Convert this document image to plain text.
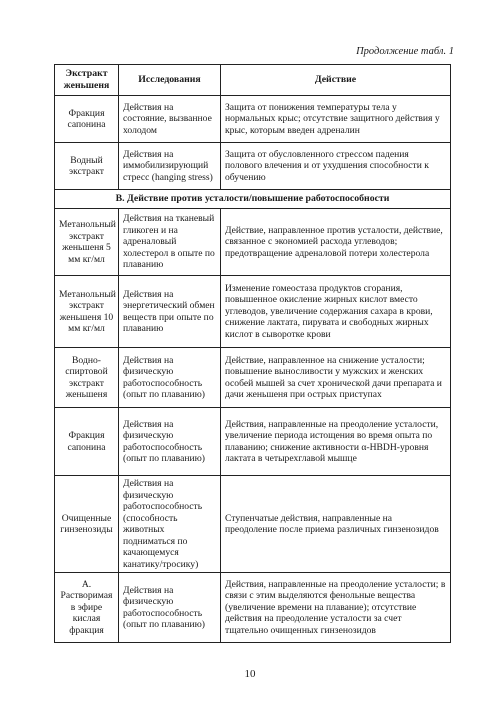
Продолжение табл. 1
Экстракт женьшеня	Исследования	Действие
Фракция сапонина	Действия на состояние, вызванное холодом	Защита от понижения температуры тела у нормальных крыс; отсутствие защитного действия у крыс, которым введен адреналин
Водный экстракт	Действия на иммобилизирующий стресс (hanging stress)	Защита от обусловленного стрессом падения полового влечения и от ухудшения способности к обучению
B. Действие против усталости/повышение работоспособности		
Метанольный экстракт женьшеня 5 мм кг/мл	Действия на тканевый гликоген и на адреналовый холестерол в опыте по плаванию	Действие, направленное против усталости, действие, связанное с экономией расхода углеводов; предотвращение адреналовой потери холестерола
Метанольный экстракт женьшеня 10 мм кг/мл	Действия на энергетический обмен веществ при опыте по плаванию	Изменение гомеостаза продуктов сгорания, повышенное окисление жирных кислот вместо углеводов, увеличение содержания сахара в крови, снижение лактата, пирувата и свободных жирных кислот в сыворотке крови
Водно-спиртовой экстракт женьшеня	Действия на физическую работоспособность (опыт по плаванию)	Действие, направленное на снижение усталости; повышение выносливости у мужских и женских особей мышей за счет хронической дачи препарата и дачи женьшеня при острых приступах
Фракция сапонина	Действия на физическую работоспособность (опыт по плаванию)	Действия, направленные на преодоление усталости, увеличение периода истощения во время опыта по плаванию; снижение активности α-HBDH-уровня лактата в четырехглавой мышце
Очищенные гинзенозиды	Действия на физическую работоспособность (способность животных подниматься по качающемуся канатику/тросику)	Ступенчатые действия, направленные на преодоление после приема различных гинзенозидов
А. Растворимая в эфире кислая фракция	Действия на физическую работоспособность (опыт по плаванию)	Действия, направленные на преодоление усталости; в связи с этим выделяются фенольные вещества (увеличение времени на плавание); отсутствие действия на преодоление усталости за счет тщательно очищенных гинзенозидов
10
